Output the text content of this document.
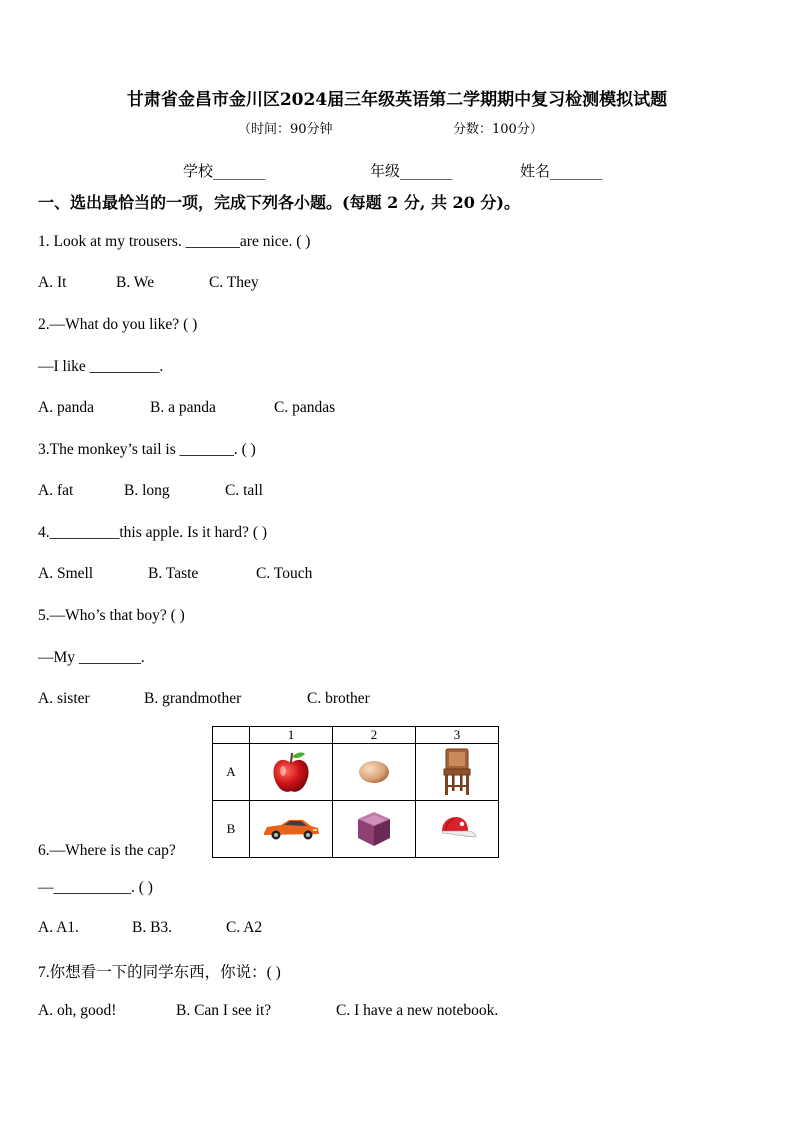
甘肃省金昌市金川区2024届三年级英语第二学期期中复习检测模拟试题
（时间：90分钟	分数：100分）
学校_______	年级_______	姓名_______
一、选出最恰当的一项，完成下列各小题。(每题 2 分, 共 20 分)。
1. Look at my trousers. _______are nice. ( )
A. It	B. We	C. They
2.—What do you like? ( )
—I like _________.
A. panda	B. a panda	C. pandas
3.The monkey’s tail is _______. ( )
A. fat	B. long	C. tall
4._________this apple. Is it hard? ( )
A. Smell	B. Taste	C. Touch
5.—Who’s that boy? ( )
—My ________.
A. sister	B. grandmother	C. brother
	1	2	3
A	

B	

6.—Where is the cap?
—__________. ( )
A. A1.	B. B3.	C. A2
7.你想看一下的同学东西，你说：( )
A. oh, good!	B. Can I see it?	C. I have a new notebook.
